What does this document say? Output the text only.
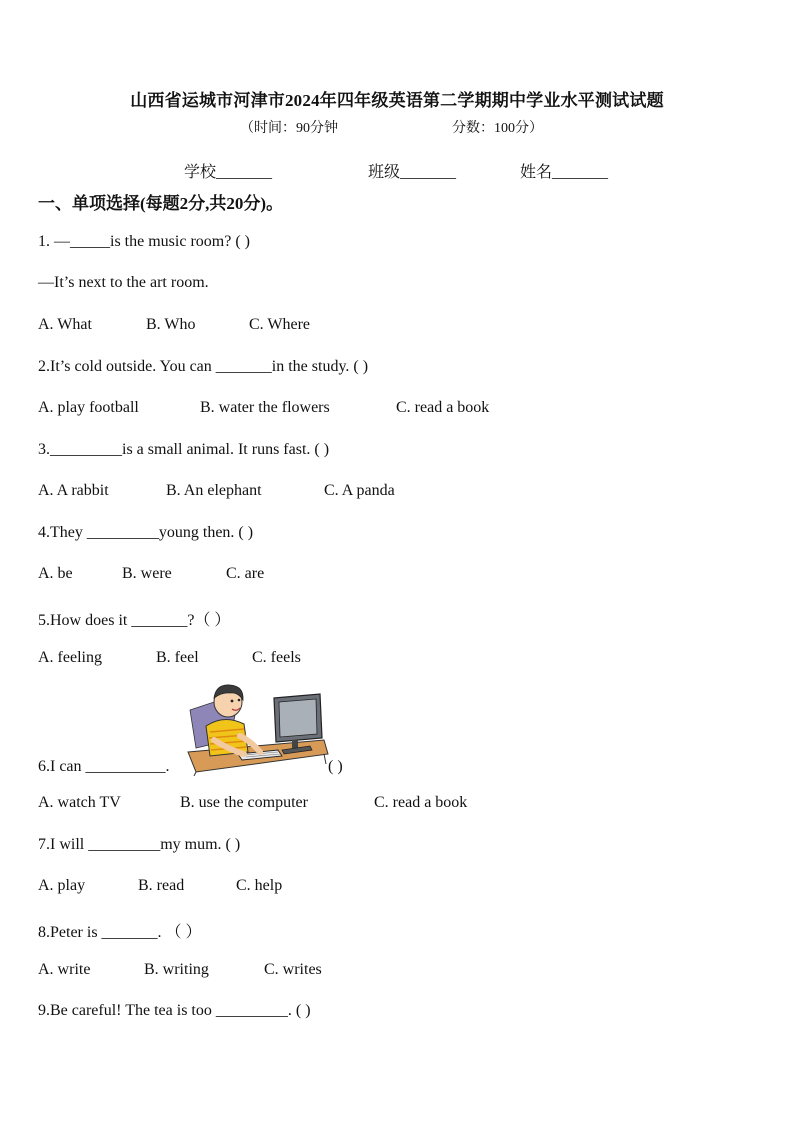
山西省运城市河津市2024年四年级英语第二学期期中学业水平测试试题
（时间：90分钟	分数：100分）
学校_______	班级_______	姓名_______
一、单项选择(每题2分,共20分)。
1. —_____is the music room? ( )
—It’s next to the art room.
A. What	B. Who	C. Where
2.It’s cold outside. You can _______in the study. ( )
A. play football	B. water the flowers	C. read a book
3._________is a small animal. It runs fast. ( )
A. A rabbit	B. An elephant	C. A panda
4.They _________young then. ( )
A. be	B. were	C. are
5.How does it _______?（ ）
A. feeling	B. feel	C. feels
6.I can __________.	( )
A. watch TV	B. use the computer	C. read a book
7.I will _________my mum. ( )
A. play	B. read	C. help
8.Peter is _______. （ ）
A. write	B. writing	C. writes
9.Be careful! The tea is too _________. ( )
